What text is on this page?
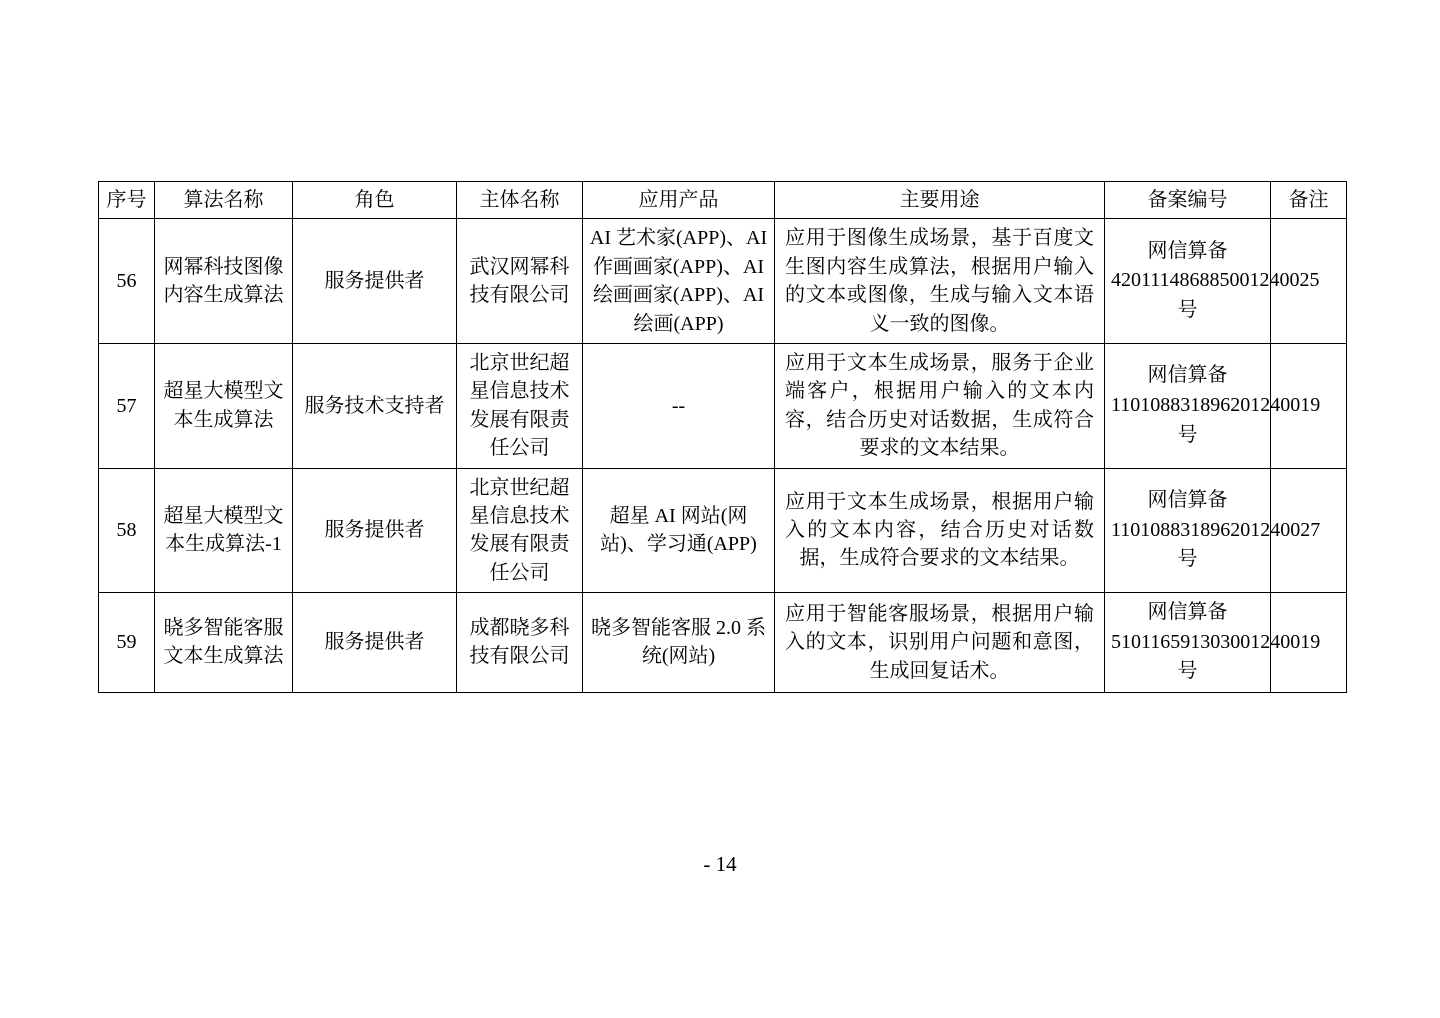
序号	算法名称	角色	主体名称	应用产品	主要用途	备案编号	备注
56	网幂科技图像内容生成算法	服务提供者	武汉网幂科技有限公司	AI 艺术家(APP)、AI 作画画家(APP)、AI 绘画画家(APP)、AI 绘画(APP)	应用于图像生成场景，基于百度文生图内容生成算法，根据用户输入的文本或图像，生成与输入文本语义一致的图像。	网信算备420111486885001240025 号	
57	超星大模型文本生成算法	服务技术支持者	北京世纪超星信息技术发展有限责任公司	--	应用于文本生成场景，服务于企业端客户，根据用户输入的文本内容，结合历史对话数据，生成符合要求的文本结果。	网信算备110108831896201240019 号	
58	超星大模型文本生成算法-1	服务提供者	北京世纪超星信息技术发展有限责任公司	超星 AI 网站(网站)、学习通(APP)	应用于文本生成场景，根据用户输入的文本内容，结合历史对话数据，生成符合要求的文本结果。	网信算备110108831896201240027 号	
59	晓多智能客服文本生成算法	服务提供者	成都晓多科技有限公司	晓多智能客服 2.0 系统(网站)	应用于智能客服场景，根据用户输入的文本，识别用户问题和意图，生成回复话术。	网信算备510116591303001240019 号	
- 14
